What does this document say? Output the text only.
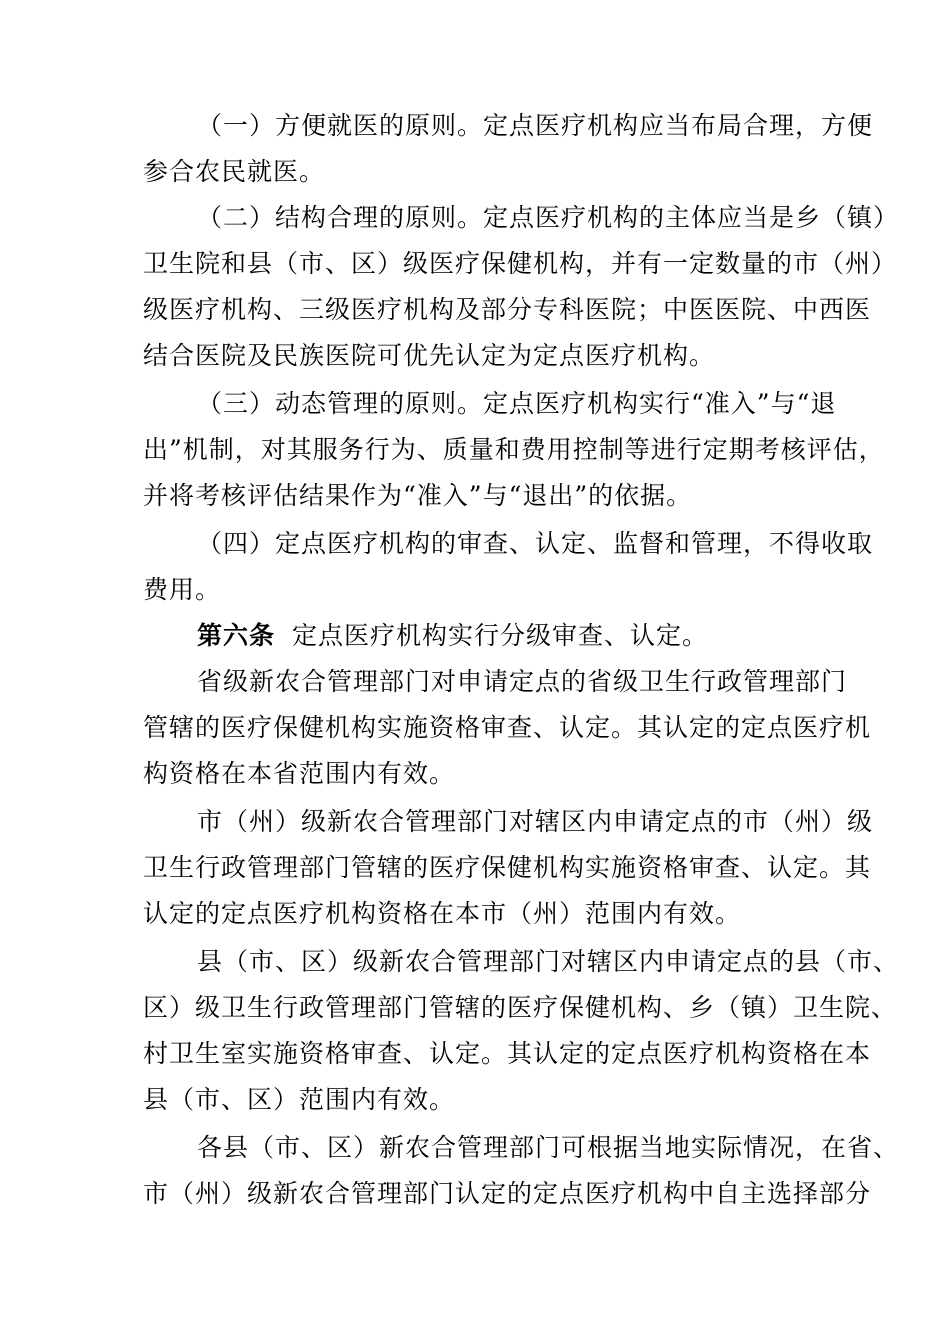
（一）方便就医的原则。定点医疗机构应当布局合理，方便
参合农民就医。
（二）结构合理的原则。定点医疗机构的主体应当是乡（镇）
卫生院和县（市、区）级医疗保健机构，并有一定数量的市（州）
级医疗机构、三级医疗机构及部分专科医院；中医医院、中西医
结合医院及民族医院可优先认定为定点医疗机构。
（三）动态管理的原则。定点医疗机构实行“准入”与“退
出”机制，对其服务行为、质量和费用控制等进行定期考核评估，
并将考核评估结果作为“准入”与“退出”的依据。
（四）定点医疗机构的审查、认定、监督和管理，不得收取
费用。
第六条 定点医疗机构实行分级审查、认定。
省级新农合管理部门对申请定点的省级卫生行政管理部门
管辖的医疗保健机构实施资格审查、认定。其认定的定点医疗机
构资格在本省范围内有效。
市（州）级新农合管理部门对辖区内申请定点的市（州）级
卫生行政管理部门管辖的医疗保健机构实施资格审查、认定。其
认定的定点医疗机构资格在本市（州）范围内有效。
县（市、区）级新农合管理部门对辖区内申请定点的县（市、
区）级卫生行政管理部门管辖的医疗保健机构、乡（镇）卫生院、
村卫生室实施资格审查、认定。其认定的定点医疗机构资格在本
县（市、区）范围内有效。
各县（市、区）新农合管理部门可根据当地实际情况，在省、
市（州）级新农合管理部门认定的定点医疗机构中自主选择部分
